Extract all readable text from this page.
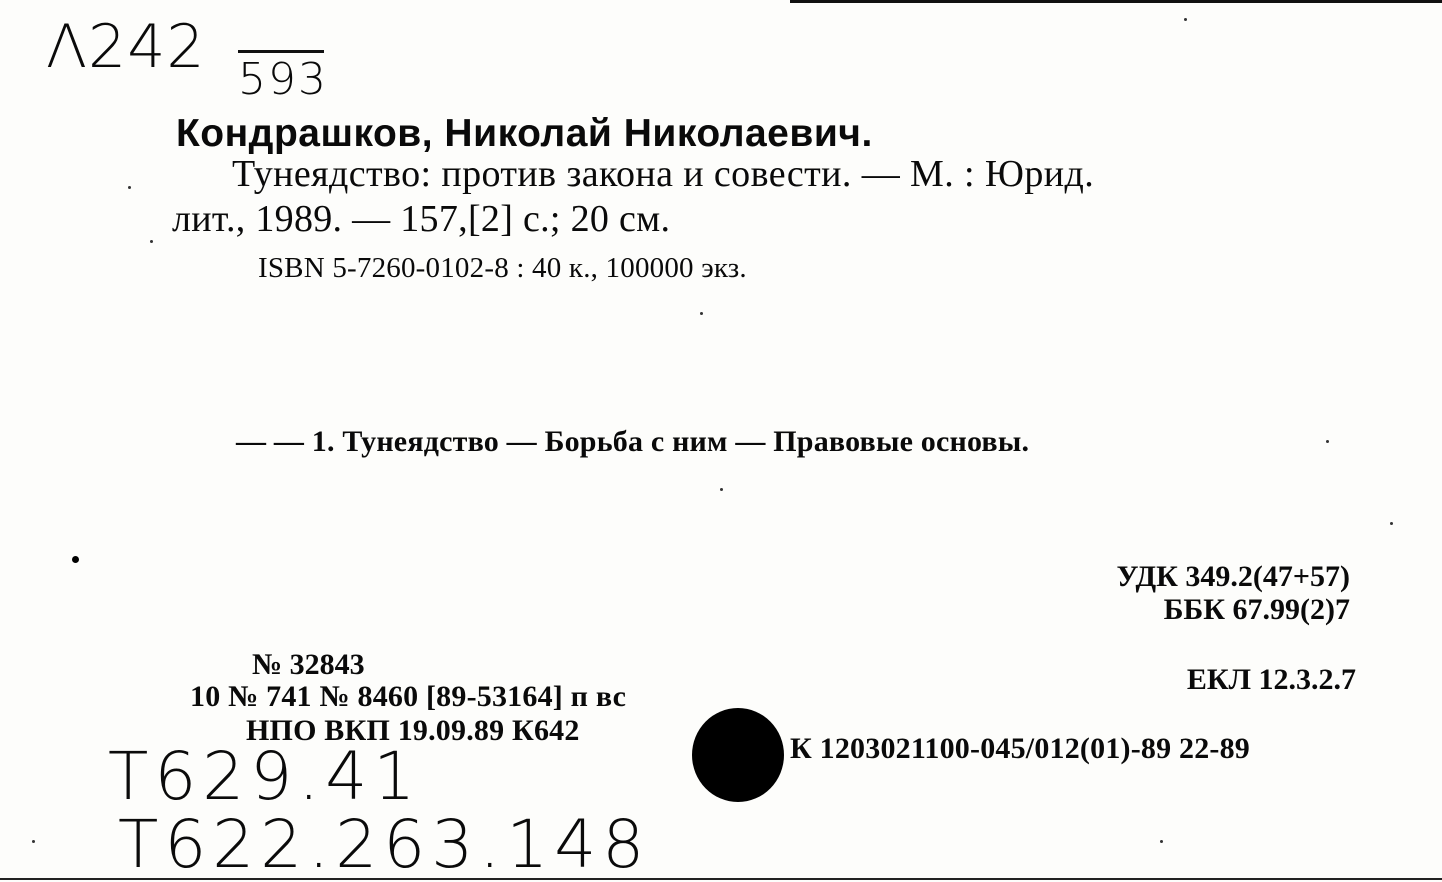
Λ242 593
Кондрашков, Николай Николаевич.
Тунеядство: против закона и совести. — М. : Юрид.
лит., 1989. — 157,[2] с.; 20 см.
ISBN 5-7260-0102-8 : 40 к., 100000 экз.
— — 1. Тунеядство — Борьба с ним — Правовые основы.
УДК 349.2(47+57)
ББК 67.99(2)7
ЕКЛ 12.3.2.7
№ 32843
10 № 741 № 8460 [89-53164] п вс
НПО ВКП 19.09.89 К642
К 1203021100-045/012(01)-89 22-89
T629.41
T622.263.148
